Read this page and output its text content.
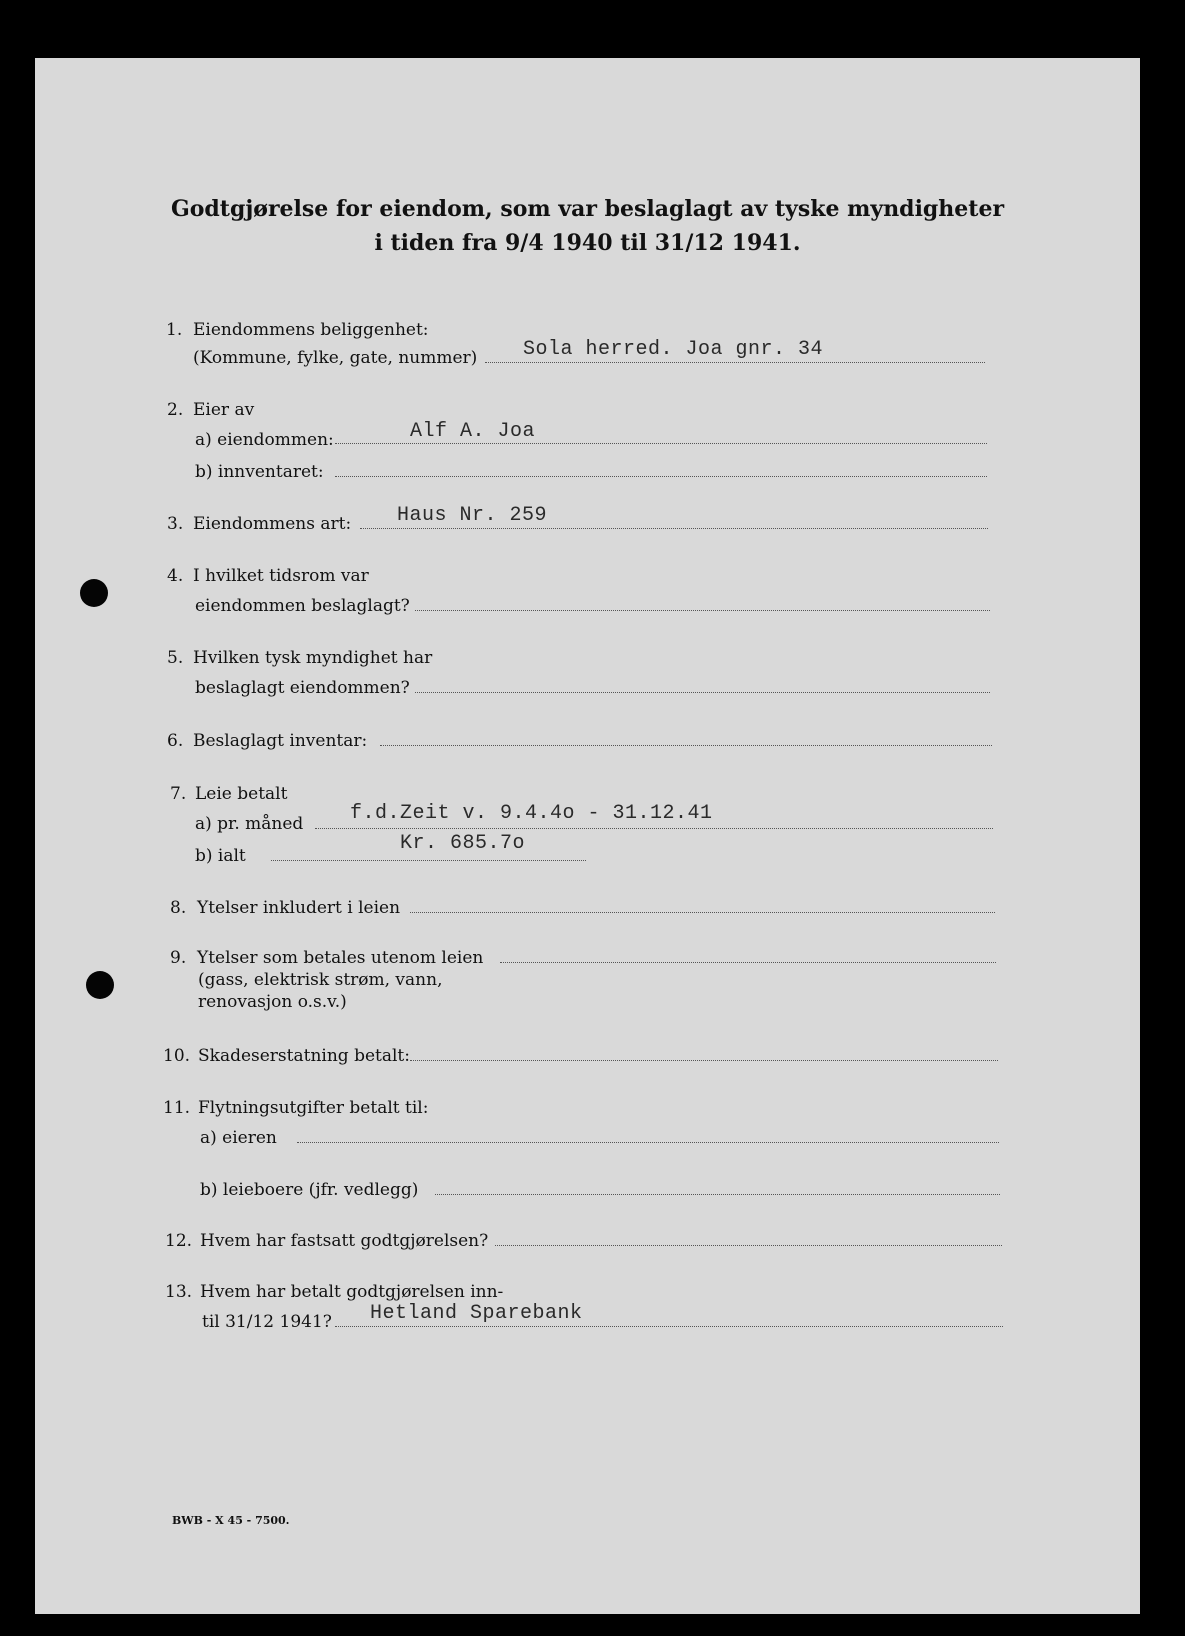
Godtgjørelse for eiendom, som var beslaglagt av tyske myndigheter
i tiden fra 9/4 1940 til 31/12 1941.
1. Eiendommens beliggenhet:
(Kommune, fylke, gate, nummer) Sola herred. Joa gnr. 34
2. Eier av
a) eiendommen:	Alf A. Joa
b) innventaret:
3. Eiendommens art: Haus Nr. 259
4. I hvilket tidsrom var
eiendommen beslaglagt?
5. Hvilken tysk myndighet har
beslaglagt eiendommen?
6. Beslaglagt inventar:
7. Leie betalt
a) pr. måned f.d.Zeit v. 9.4.4o - 31.12.41
b) ialt
Kr. 685.7o
8. Ytelser inkludert i leien
9. Ytelser som betales utenom leien
(gass, elektrisk strøm, vann,
renovasjon o.s.v.)
10. Skadeserstatning betalt:
11. Flytningsutgifter betalt til:
a) eieren
b) leieboere (jfr. vedlegg)
12. Hvem har fastsatt godtgjørelsen?
13. Hvem har betalt godtgjørelsen inn-
til 31/12 1941? Hetland Sparebank
BWB - X 45 - 7500.
